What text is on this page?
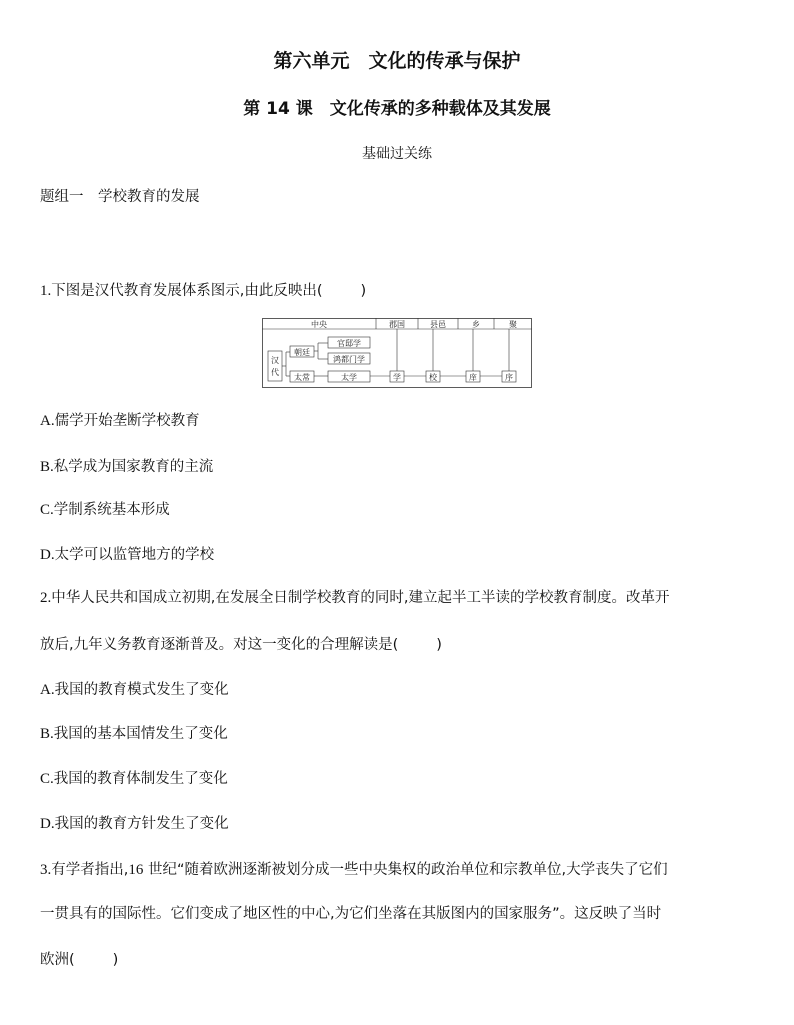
第六单元　文化的传承与保护
第 14 课　文化传承的多种载体及其发展
基础过关练
题组一　学校教育的发展
1.下图是汉代教育发展体系图示,由此反映出(	)
中央	郡国	县邑	乡	聚
汉
代
朝廷
官邸学
鸿都门学
太常	太学	学	校	庠	序
A.儒学开始垄断学校教育
B.私学成为国家教育的主流
C.学制系统基本形成
D.太学可以监管地方的学校
2.中华人民共和国成立初期,在发展全日制学校教育的同时,建立起半工半读的学校教育制度。改革开
放后,九年义务教育逐渐普及。对这一变化的合理解读是(	)
A.我国的教育模式发生了变化
B.我国的基本国情发生了变化
C.我国的教育体制发生了变化
D.我国的教育方针发生了变化
3.有学者指出,16 世纪“随着欧洲逐渐被划分成一些中央集权的政治单位和宗教单位,大学丧失了它们
一贯具有的国际性。它们变成了地区性的中心,为它们坐落在其版图内的国家服务”。这反映了当时
欧洲(	)
